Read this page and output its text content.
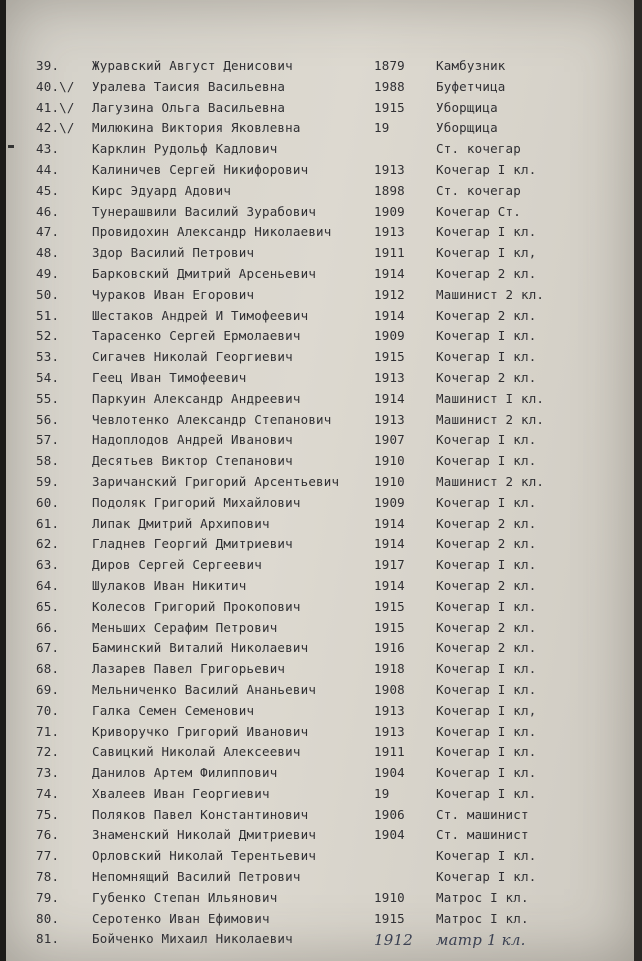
39.	Журавский Август Денисович	1879	Камбузник
40.\/	Уралева Таисия Васильевна	1988	Буфетчица
41.\/	Лагузина Ольга Васильевна	1915	Уборщица
42.\/	Милюкина Виктория Яковлевна	19	Уборщица
43.	Карклин Рудольф Кадлович	Ст. кочегар
44.	Калиничев Сергей Никифорович	1913	Кочегар I кл.
45.	Кирс Эдуард Адович	1898	Ст. кочегар
46.	Тунерашвили Василий Зурабович	1909	Кочегар Ст.
47.	Провидохин Александр Николаевич	1913	Кочегар I кл.
48.	Здор Василий Петрович	1911	Кочегар I кл,
49.	Барковский Дмитрий Арсеньевич	1914	Кочегар 2 кл.
50.	Чураков Иван Егорович	1912	Машинист 2 кл.
51.	Шестаков Андрей И Тимофеевич	1914	Кочегар 2 кл.
52.	Тарасенко Сергей Ермолаевич	1909	Кочегар I кл.
53.	Сигачев Николай Георгиевич	1915	Кочегар I кл.
54.	Геец Иван Тимофеевич	1913	Кочегар 2 кл.
55.	Паркуин Александр Андреевич	1914	Машинист I кл.
56.	Чевлотенко Александр Степанович	1913	Машинист 2 кл.
57.	Надоплодов Андрей Иванович	1907	Кочегар I кл.
58.	Десятьев Виктор Степанович	1910	Кочегар I кл.
59.	Заричанский Григорий Арсентьевич	1910	Машинист 2 кл.
60.	Подоляк Григорий Михайлович	1909	Кочегар I кл.
61.	Липак Дмитрий Архипович	1914	Кочегар 2 кл.
62.	Гладнев Георгий Дмитриевич	1914	Кочегар 2 кл.
63.	Диров Сергей Сергеевич	1917	Кочегар I кл.
64.	Шулаков Иван Никитич	1914	Кочегар 2 кл.
65.	Колесов Григорий Прокопович	1915	Кочегар I кл.
66.	Меньших Серафим Петрович	1915	Кочегар 2 кл.
67.	Баминский Виталий Николаевич	1916	Кочегар 2 кл.
68.	Лазарев Павел Григорьевич	1918	Кочегар I кл.
69.	Мельниченко Василий Ананьевич	1908	Кочегар I кл.
70.	Галка Семен Семенович	1913	Кочегар I кл,
71.	Криворучко Григорий Иванович	1913	Кочегар I кл.
72.	Савицкий Николай Алексеевич	1911	Кочегар I кл.
73.	Данилов Артем Филиппович	1904	Кочегар I кл.
74.	Хвалеев Иван Георгиевич	19	Кочегар I кл.
75.	Поляков Павел Константинович	1906	Ст. машинист
76.	Знаменский Николай Дмитриевич	1904	Ст. машинист
77.	Орловский Николай Терентьевич	Кочегар I кл.
78.	Непомнящий Василий Петрович	Кочегар I кл.
79.	Губенко Степан Ильянович	1910	Матрос I кл.
80.	Серотенко Иван Ефимович	1915	Матрос I кл.
81.	Бойченко Михаил Николаевич	1912	матр 1 кл.
